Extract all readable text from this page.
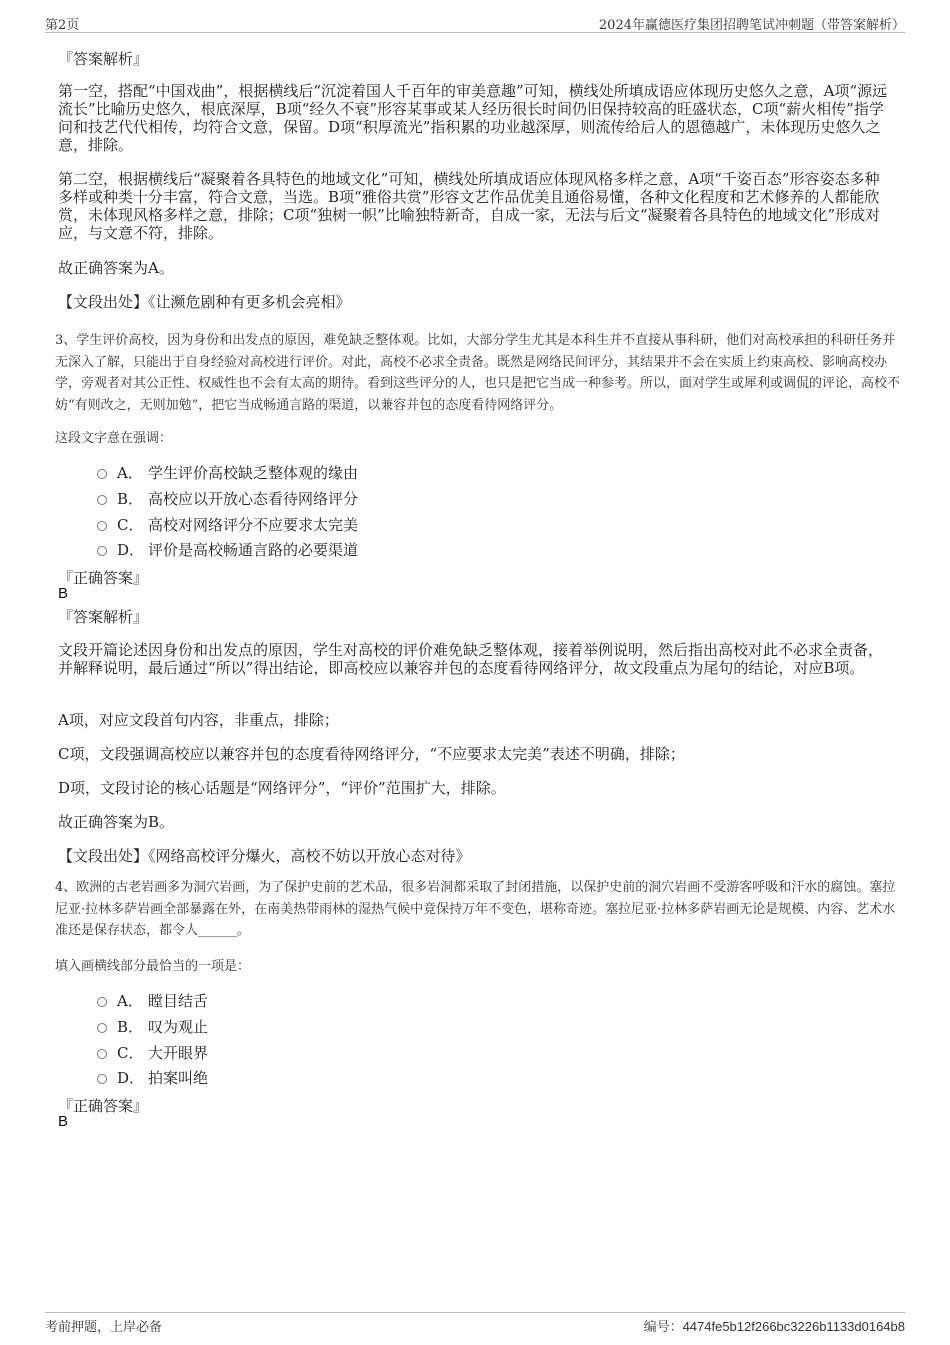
第2页	2024年赢德医疗集团招聘笔试冲刺题（带答案解析）
『答案解析』
第一空，搭配“中国戏曲”，根据横线后“沉淀着国人千百年的审美意趣”可知，横线处所填成语应体现历史悠久之意，A项“源远流长”比喻历史悠久，根底深厚，B项“经久不衰”形容某事或某人经历很长时间仍旧保持较高的旺盛状态，C项“薪火相传”指学问和技艺代代相传，均符合文意，保留。D项“积厚流光”指积累的功业越深厚，则流传给后人的恩德越广，未体现历史悠久之意，排除。
第二空，根据横线后“凝聚着各具特色的地域文化”可知，横线处所填成语应体现风格多样之意，A项“千姿百态”形容姿态多种多样或种类十分丰富，符合文意，当选。B项“雅俗共赏”形容文艺作品优美且通俗易懂，各种文化程度和艺术修养的人都能欣赏，未体现风格多样之意，排除；C项“独树一帜”比喻独特新奇，自成一家，无法与后文“凝聚着各具特色的地域文化”形成对应，与文意不符，排除。
故正确答案为A。
【文段出处】《让濒危剧种有更多机会亮相》
3、学生评价高校，因为身份和出发点的原因，难免缺乏整体观。比如，大部分学生尤其是本科生并不直接从事科研，他们对高校承担的科研任务并无深入了解，只能出于自身经验对高校进行评价。对此，高校不必求全责备。既然是网络民间评分，其结果并不会在实质上约束高校、影响高校办学，旁观者对其公正性、权威性也不会有太高的期待。看到这些评分的人，也只是把它当成一种参考。所以，面对学生或犀利或调侃的评论，高校不妨“有则改之，无则加勉”，把它当成畅通言路的渠道，以兼容并包的态度看待网络评分。
这段文字意在强调：
A． 学生评价高校缺乏整体观的缘由
B． 高校应以开放心态看待网络评分
C． 高校对网络评分不应要求太完美
D． 评价是高校畅通言路的必要渠道
『正确答案』
B
『答案解析』
文段开篇论述因身份和出发点的原因，学生对高校的评价难免缺乏整体观，接着举例说明，然后指出高校对此不必求全责备，并解释说明，最后通过“所以”得出结论，即高校应以兼容并包的态度看待网络评分，故文段重点为尾句的结论，对应B项。
A项，对应文段首句内容，非重点，排除；
C项，文段强调高校应以兼容并包的态度看待网络评分，“不应要求太完美”表述不明确，排除；
D项，文段讨论的核心话题是“网络评分”，“评价”范围扩大，排除。
故正确答案为B。
【文段出处】《网络高校评分爆火，高校不妨以开放心态对待》
4、欧洲的古老岩画多为洞穴岩画，为了保护史前的艺术品，很多岩洞都采取了封闭措施，以保护史前的洞穴岩画不受游客呼吸和汗水的腐蚀。塞拉尼亚·拉林多萨岩画全部暴露在外，在南美热带雨林的湿热气候中竟保持万年不变色，堪称奇迹。塞拉尼亚·拉林多萨岩画无论是规模、内容、艺术水准还是保存状态，都令人______。
填入画横线部分最恰当的一项是：
A． 瞠目结舌
B． 叹为观止
C． 大开眼界
D． 拍案叫绝
『正确答案』
B
考前押题，上岸必备	编号：4474fe5b12f266bc3226b1133d0164b8
